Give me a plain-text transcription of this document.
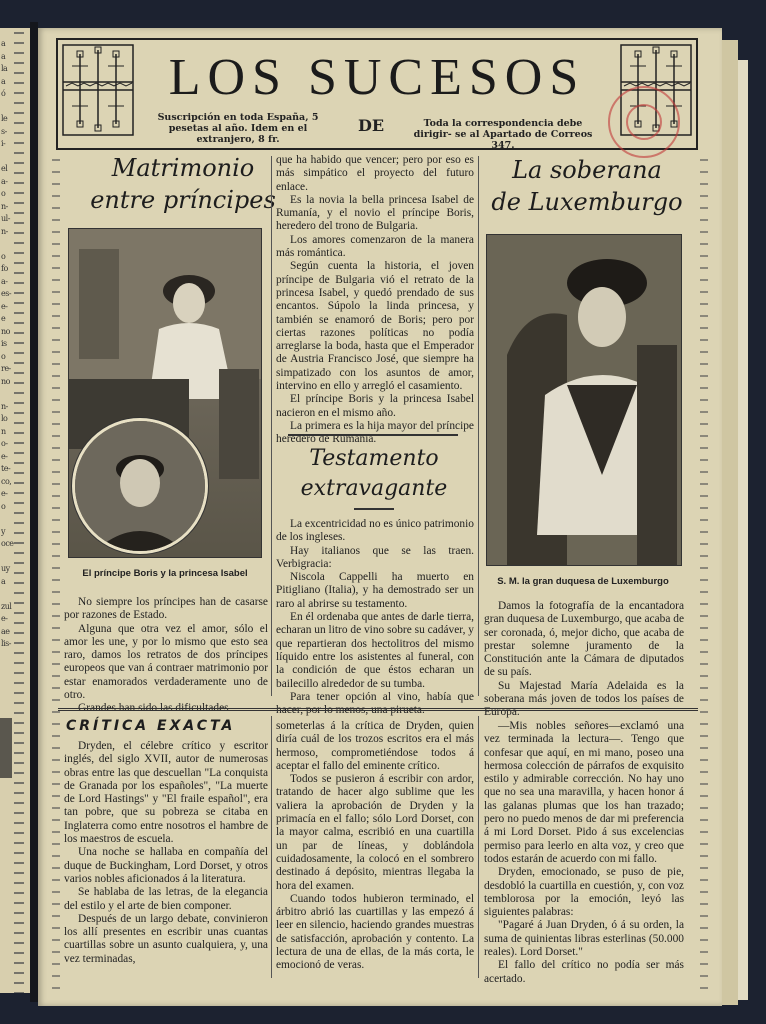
a
a
la
a
ó

le
s-
i-

el
a-
o
n-
ul-
n-

o
fo
a-
es-
e-
e
no
is
o
re-
no

n-
lo
n
o-
e-
te-
co,
e-
o

y
oce

uy
a

zul
e-
ae
lis-
LOS SUCESOS
Suscripción en toda España, 5 pesetas al año. Idem en el extranjero, 8 fr.
DE	Toda la correspondencia debe dirigir- se al Apartado de Correos 347.
Matrimonio
entre príncipes
El príncipe Boris y la princesa Isabel

No siempre los príncipes han de casarse por razones de Estado.

Alguna que otra vez el amor, sólo el amor les une, y por lo mismo que esto sea raro, damos los retratos de dos príncipes europeos que van á contraer matrimonio por estar enamorados verdaderamente uno de otro.

Grandes han sido las dificultades

que ha habido que vencer; pero por eso es más simpático el proyecto del futuro enlace.

Es la novia la bella princesa Isabel de Rumanía, y el novio el príncipe Boris, heredero del trono de Bulgaria.

Los amores comenzaron de la manera más romántica.

Según cuenta la historia, el joven príncipe de Bulgaria vió el retrato de la princesa Isabel, y quedó prendado de sus encantos. Súpolo la linda princesa, y también se enamoró de Boris; pero por ciertas razones políticas no podía arreglarse la boda, hasta que el Emperador de Austria Francisco José, que siempre ha simpatizado con los asuntos de amor, intervino en ello y arregló el casamiento.

El príncipe Boris y la princesa Isabel nacieron en el mismo año.

La primera es la hija mayor del príncipe heredero de Rumanía.

Testamento
extravagante

La excentricidad no es único patrimonio de los ingleses.

Hay italianos que se las traen. Verbigracia:

Niscola Cappelli ha muerto en Pitigliano (Italia), y ha demostrado ser un raro al abrirse su testamento.

En él ordenaba que antes de darle tierra, echaran un litro de vino sobre su cadáver, y que repartieran dos hectolitros del mismo líquido entre los asistentes al funeral, con la condición de que éstos echaran un bailecillo alrededor de su tumba.

Para tener opción al vino, había que hacer, por lo menos, una pirueta.

La soberana
de Luxemburgo
S. M. la gran duquesa de Luxemburgo

Damos la fotografía de la encantadora gran duquesa de Luxemburgo, que acaba de ser coronada, ó, mejor dicho, que acaba de prestar solemne juramento de la Constitución ante la Cámara de diputados de su país.

Su Majestad María Adelaida es la soberana más joven de todos los países de Europa.

CRÍTICA EXACTA

Dryden, el célebre crítico y escritor inglés, del siglo XVII, autor de numerosas obras entre las que descuellan "La conquista de Granada por los españoles", "La muerte de Lord Hastings" y "El fraile español", era tan pobre, que su pobreza se citaba en Inglaterra como entre nosotros el hambre de los maestros de escuela.

Una noche se hallaba en compañía del duque de Buckingham, Lord Dorset, y otros varios nobles aficionados á la literatura.

Se hablaba de las letras, de la elegancia del estilo y el arte de bien componer.

Después de un largo debate, convinieron los allí presentes en escribir unas cuantas cuartillas sobre un asunto cualquiera, y, una vez terminadas,

someterlas á la crítica de Dryden, quien diría cuál de los trozos escritos era el más hermoso, comprometiéndose todos á aceptar el fallo del eminente crítico.

Todos se pusieron á escribir con ardor, tratando de hacer algo sublime que les valiera la aprobación de Dryden y la primacía en el fallo; sólo Lord Dorset, con la mayor calma, escribió en una cuartilla un par de líneas, y doblándola cuidadosamente, la colocó en el sombrero destinado á depósito, mientras llegaba la hora del examen.

Cuando todos hubieron terminado, el árbitro abrió las cuartillas y las empezó á leer en silencio, haciendo grandes muestras de satisfacción, aprobación y contento. La lectura de una de ellas, de la más corta, le emocionó de veras.

—Mis nobles señores—exclamó una vez terminada la lectura—. Tengo que confesar que aquí, en mi mano, poseo una hermosa colección de párrafos de exquisito estilo y admirable corrección. No hay uno que no sea una maravilla, y hacen honor á las galanas plumas que los han trazado; pero no puedo menos de dar mi preferencia á mi Lord Dorset. Pido á sus excelencias permiso para leerlo en alta voz, y creo que todos estarán de acuerdo con mi fallo.

Dryden, emocionado, se puso de pie, desdobló la cuartilla en cuestión, y, con voz temblorosa por la emoción, leyó las siguientes palabras:

"Pagaré á Juan Dryden, ó á su orden, la suma de quinientas libras esterlinas (50.000 reales). Lord Dorset."

El fallo del crítico no podía ser más acertado.
